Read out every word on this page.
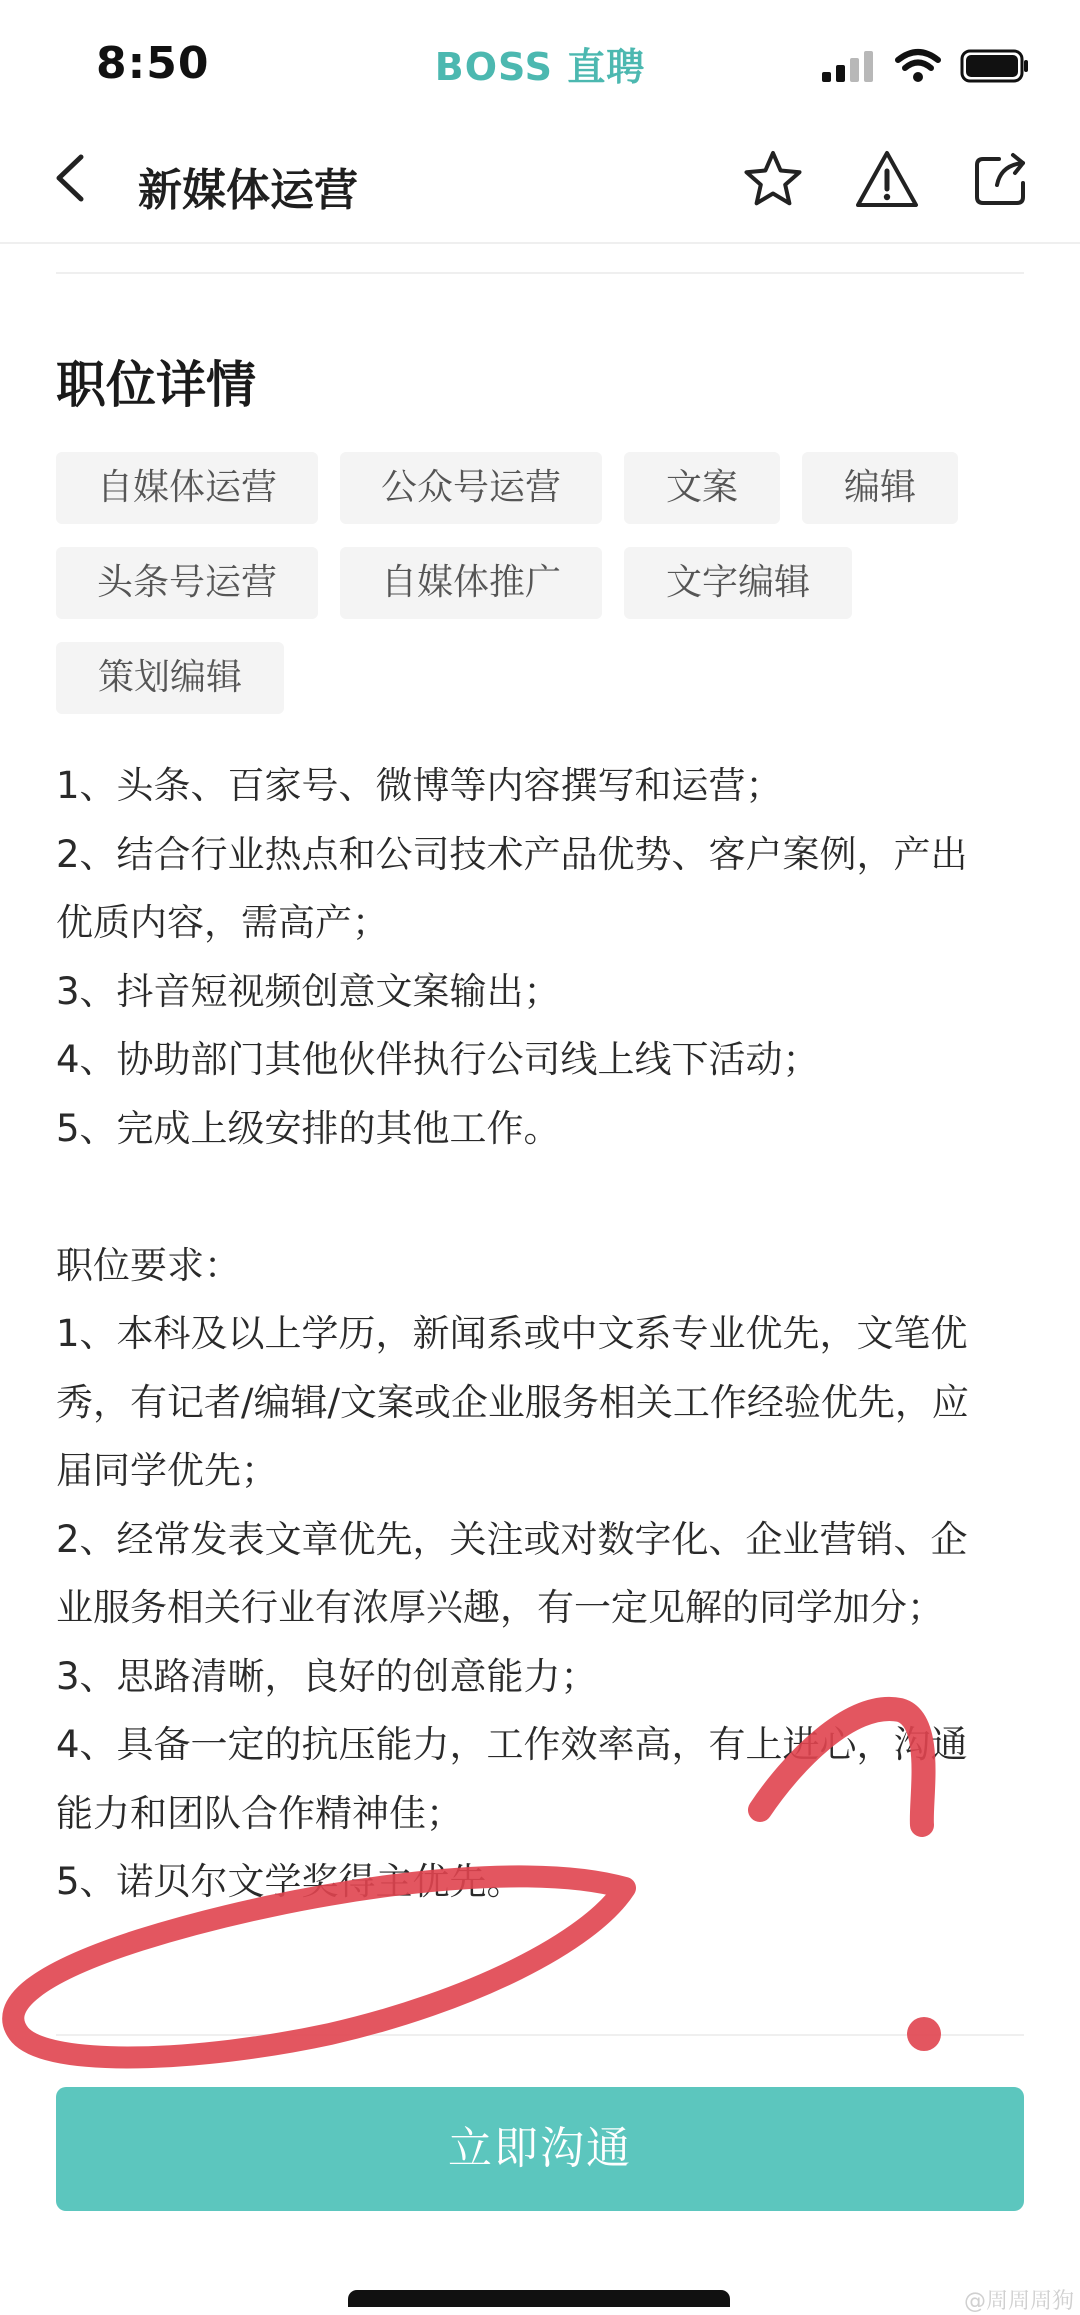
8:50	BOSS 直聘
新媒体运营
职位详情
自媒体运营	公众号运营	文案	编辑
头条号运营	自媒体推广	文字编辑
策划编辑
1、头条、百家号、微博等内容撰写和运营；
2、结合行业热点和公司技术产品优势、客户案例，产出
优质内容，需高产；
3、抖音短视频创意文案输出；
4、协助部门其他伙伴执行公司线上线下活动；
5、完成上级安排的其他工作。
职位要求：
1、本科及以上学历，新闻系或中文系专业优先，文笔优
秀，有记者/编辑/文案或企业服务相关工作经验优先，应
届同学优先；
2、经常发表文章优先，关注或对数字化、企业营销、企
业服务相关行业有浓厚兴趣，有一定见解的同学加分；
3、思路清晰，良好的创意能力；
4、具备一定的抗压能力，工作效率高，有上进心，沟通
能力和团队合作精神佳；
5、诺贝尔文学奖得主优先。
立即沟通
@周周周狗
